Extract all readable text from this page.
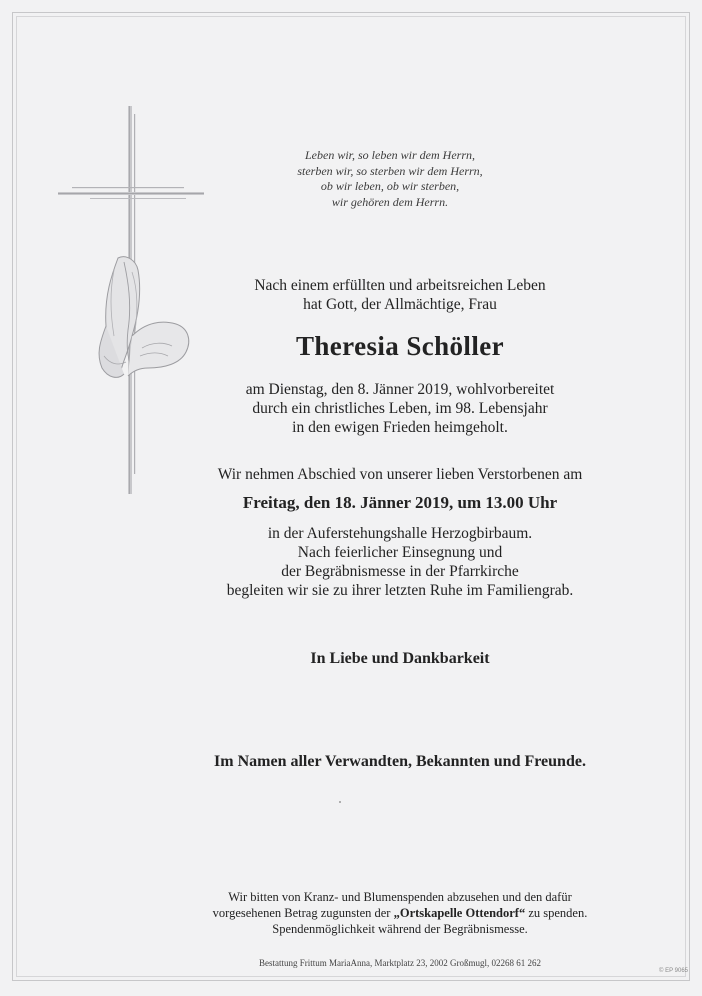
Leben wir, so leben wir dem Herrn,
sterben wir, so sterben wir dem Herrn,
ob wir leben, ob wir sterben,
wir gehören dem Herrn.
Nach einem erfüllten und arbeitsreichen Leben
hat Gott, der Allmächtige, Frau
Theresia Schöller
am Dienstag, den 8. Jänner 2019, wohlvorbereitet
durch ein christliches Leben, im 98. Lebensjahr
in den ewigen Frieden heimgeholt.
Wir nehmen Abschied von unserer lieben Verstorbenen am
Freitag, den 18. Jänner 2019, um 13.00 Uhr
in der Auferstehungshalle Herzogbirbaum.
Nach feierlicher Einsegnung und
der Begräbnismesse in der Pfarrkirche
begleiten wir sie zu ihrer letzten Ruhe im Familiengrab.
In Liebe und Dankbarkeit
Im Namen aller Verwandten, Bekannten und Freunde.
Wir bitten von Kranz- und Blumenspenden abzusehen und den dafür
vorgesehenen Betrag zugunsten der „Ortskapelle Ottendorf“ zu spenden.
Spendenmöglichkeit während der Begräbnismesse.
Bestattung Frittum MariaAnna, Marktplatz 23, 2002 Großmugl, 02268 61 262
© EP 9065
